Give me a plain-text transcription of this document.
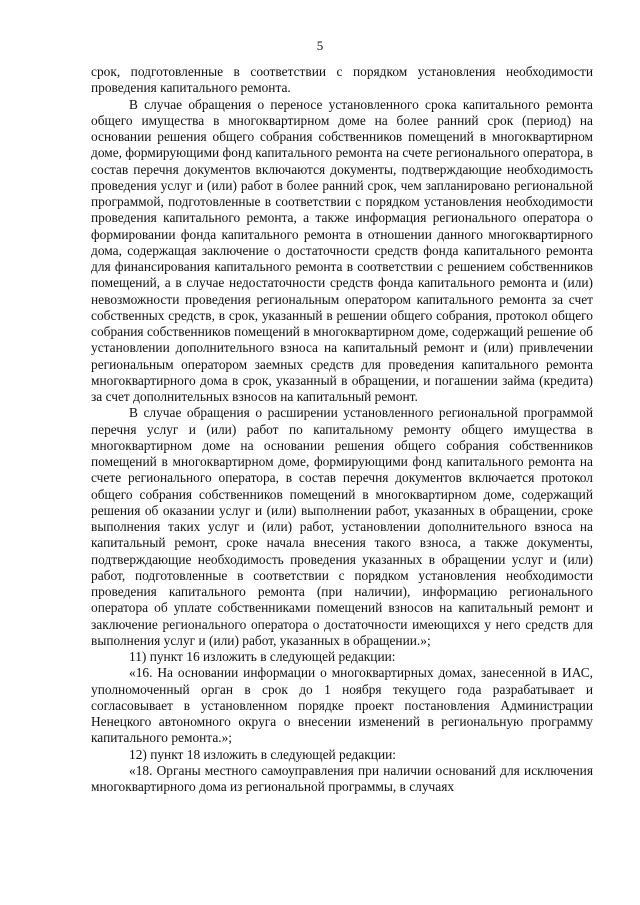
5

срок, подготовленные в соответствии с порядком установления необходимости проведения капитального ремонта.

В случае обращения о переносе установленного срока капитального ремонта общего имущества в многоквартирном доме на более ранний срок (период) на основании решения общего собрания собственников помещений в многоквартирном доме, формирующими фонд капитального ремонта на счете регионального оператора, в состав перечня документов включаются документы, подтверждающие необходимость проведения услуг и (или) работ в более ранний срок, чем запланировано региональной программой, подготовленные в соответствии с порядком установления необходимости проведения капитального ремонта, а также информация регионального оператора о формировании фонда капитального ремонта в отношении данного многоквартирного дома, содержащая заключение о достаточности средств фонда капитального ремонта для финансирования капитального ремонта в соответствии с решением собственников помещений, а в случае недостаточности средств фонда капитального ремонта и (или) невозможности проведения региональным оператором капитального ремонта за счет собственных средств, в срок, указанный в решении общего собрания, протокол общего собрания собственников помещений в многоквартирном доме, содержащий решение об установлении дополнительного взноса на капитальный ремонт и (или) привлечении региональным оператором заемных средств для проведения капитального ремонта многоквартирного дома в срок, указанный в обращении, и погашении займа (кредита) за счет дополнительных взносов на капитальный ремонт.

В случае обращения о расширении установленного региональной программой перечня услуг и (или) работ по капитальному ремонту общего имущества в многоквартирном доме на основании решения общего собрания собственников помещений в многоквартирном доме, формирующими фонд капитального ремонта на счете регионального оператора, в состав перечня документов включается протокол общего собрания собственников помещений в многоквартирном доме, содержащий решения об оказании услуг и (или) выполнении работ, указанных в обращении, сроке выполнения таких услуг и (или) работ, установлении дополнительного взноса на капитальный ремонт, сроке начала внесения такого взноса, а также документы, подтверждающие необходимость проведения указанных в обращении услуг и (или) работ, подготовленные в соответствии с порядком установления необходимости проведения капитального ремонта (при наличии), информацию регионального оператора об уплате собственниками помещений взносов на капитальный ремонт и заключение регионального оператора о достаточности имеющихся у него средств для выполнения услуг и (или) работ, указанных в обращении.»;

11) пункт 16 изложить в следующей редакции:

«16. На основании информации о многоквартирных домах, занесенной в ИАС, уполномоченный орган в срок до 1 ноября текущего года разрабатывает и согласовывает в установленном порядке проект постановления Администрации Ненецкого автономного округа о внесении изменений в региональную программу капитального ремонта.»;

12) пункт 18 изложить в следующей редакции:

«18. Органы местного самоуправления при наличии оснований для исключения многоквартирного дома из региональной программы, в случаях
